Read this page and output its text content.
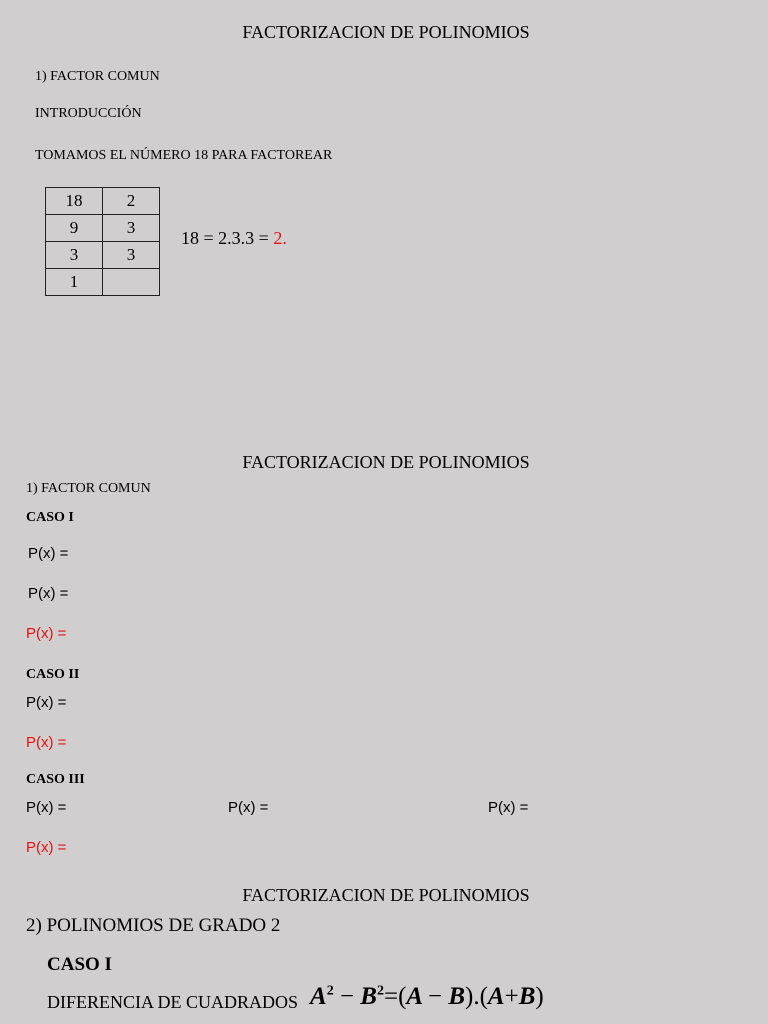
FACTORIZACION DE POLINOMIOS
1) FACTOR COMUN
INTRODUCCIÓN
TOMAMOS EL NÚMERO 18 PARA FACTOREAR
18	2
9	3
3	3
1	
18 = 2.3.3 = 2.
FACTORIZACION DE POLINOMIOS
1) FACTOR COMUN
CASO I
P(x) =
P(x) =
P(x) =
CASO II
P(x) =
P(x) =
CASO III
P(x) =	P(x) =	P(x) =
P(x) =
FACTORIZACION DE POLINOMIOS
2) POLINOMIOS DE GRADO 2
CASO I
DIFERENCIA DE CUADRADOS $A^2 - B^2=(A - B).(A+B)$
